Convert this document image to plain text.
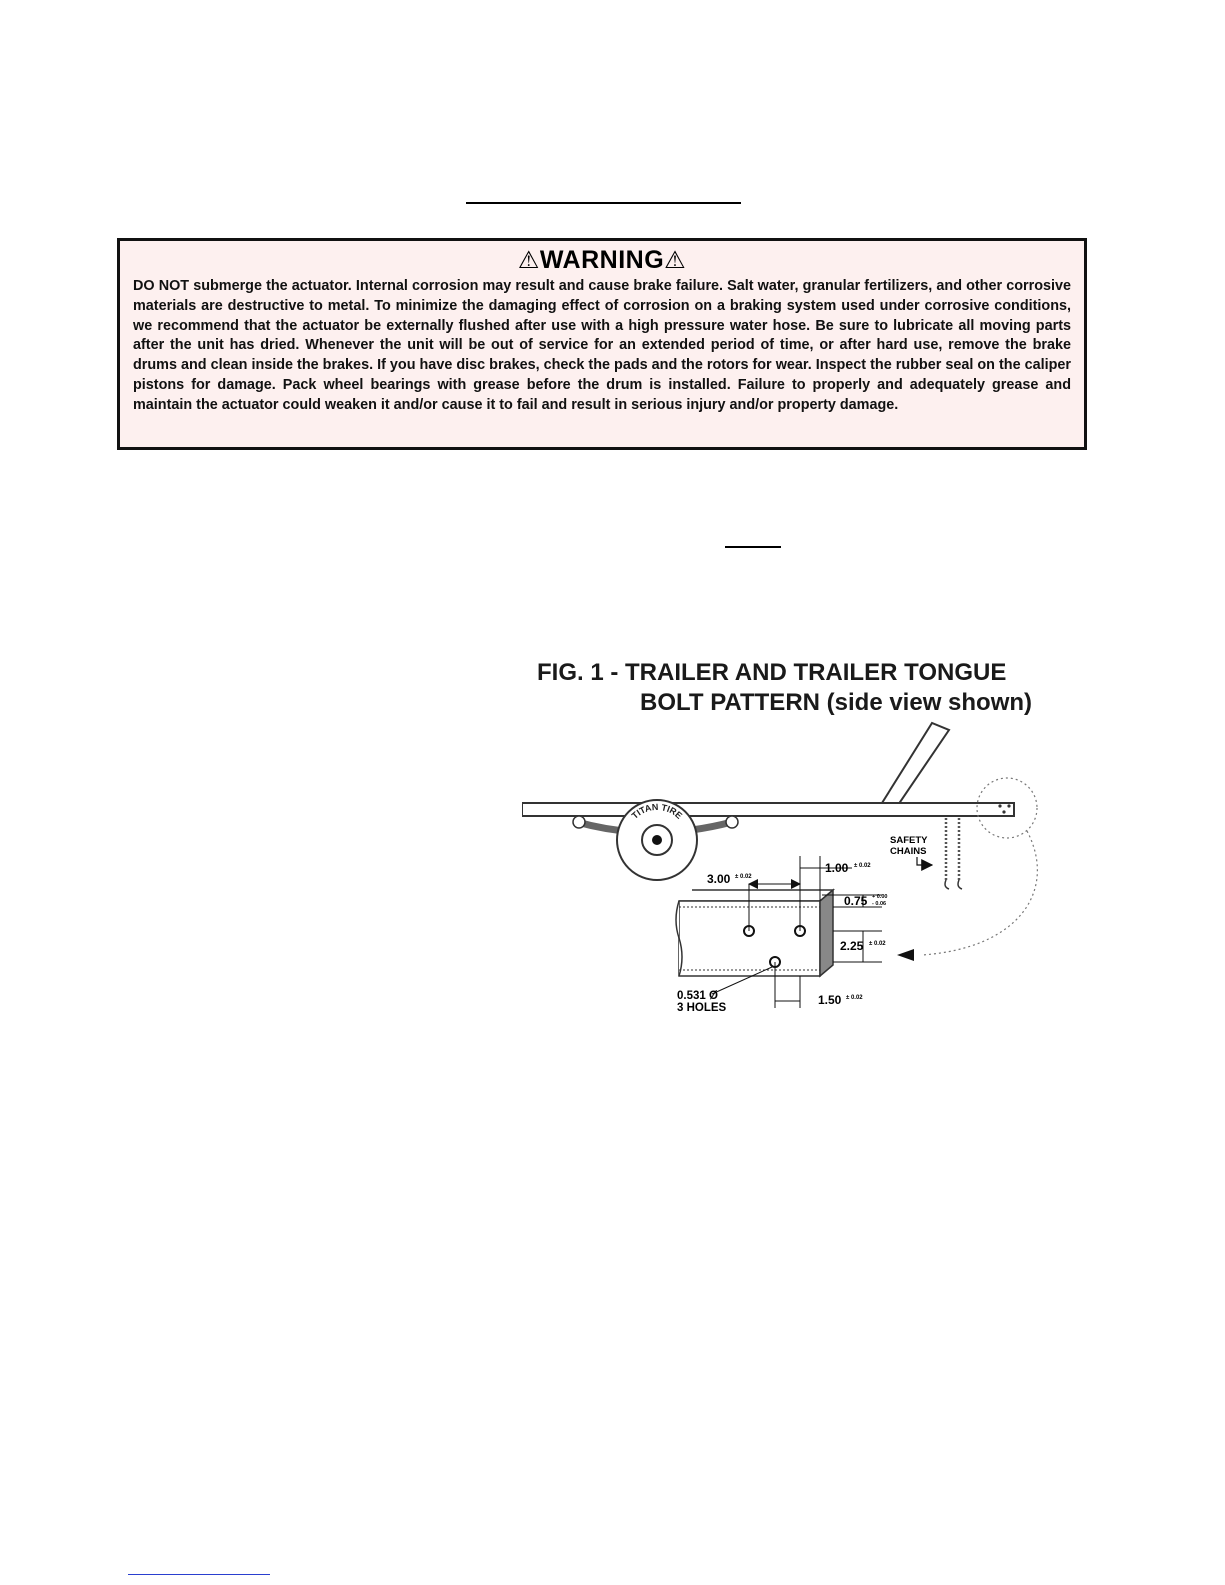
⚠WARNING⚠
DO NOT submerge the actuator. Internal corrosion may result and cause brake failure. Salt water, granular fertilizers, and other corrosive materials are destructive to metal. To minimize the damaging effect of corrosion on a braking system used under corrosive conditions, we recommend that the actuator be externally flushed after use with a high pressure water hose. Be sure to lubricate all moving parts after the unit has dried. Whenever the unit will be out of service for an extended period of time, or after hard use, remove the brake drums and clean inside the brakes. If you have disc brakes, check the pads and the rotors for wear. Inspect the rubber seal on the caliper pistons for damage. Pack wheel bearings with grease before the drum is installed. Failure to properly and adequately grease and maintain the actuator could weaken it and/or cause it to fail and result in serious injury and/or property damage.
FIG. 1 - TRAILER AND TRAILER TONGUE
BOLT PATTERN (side view shown)
TITAN TIRE
SAFETY
CHAINS
3.00 ± 0.02
1.00 ± 0.02
0.75 + 0.00
- 0.06
2.25 ± 0.02
1.50 ± 0.02
0.531 Ø
3 HOLES
